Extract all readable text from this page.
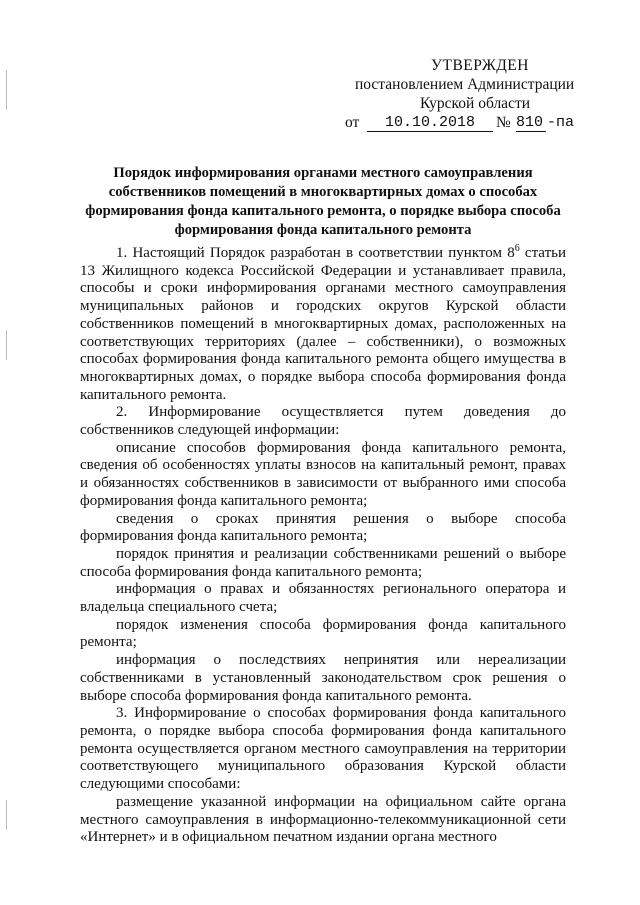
УТВЕРЖДЕН
постановлением Администрации
Курской области
от	10.10.2018	№ 810 -па
Порядок информирования органами местного самоуправления собственников помещений в многоквартирных домах о способах формирования фонда капитального ремонта, о порядке выбора способа формирования фонда капитального ремонта

1. Настоящий Порядок разработан в соответствии пунктом $8^6$ статьи 13 Жилищного кодекса Российской Федерации и устанавливает правила, способы и сроки информирования органами местного самоуправления муниципальных районов и городских округов Курской области собственников помещений в многоквартирных домах, расположенных на соответствующих территориях (далее – собственники), о возможных способах формирования фонда капитального ремонта общего имущества в многоквартирных домах, о порядке выбора способа формирования фонда капитального ремонта.

2. Информирование осуществляется путем доведения до собственников следующей информации:

описание способов формирования фонда капитального ремонта, сведения об особенностях уплаты взносов на капитальный ремонт, правах и обязанностях собственников в зависимости от выбранного ими способа формирования фонда капитального ремонта;

сведения о сроках принятия решения о выборе способа формирования фонда капитального ремонта;

порядок принятия и реализации собственниками решений о выборе способа формирования фонда капитального ремонта;

информация о правах и обязанностях регионального оператора и владельца специального счета;

порядок изменения способа формирования фонда капитального ремонта;

информация о последствиях непринятия или нереализации собственниками в установленный законодательством срок решения о выборе способа формирования фонда капитального ремонта.

3. Информирование о способах формирования фонда капитального ремонта, о порядке выбора способа формирования фонда капитального ремонта осуществляется органом местного самоуправления на территории соответствующего муниципального образования Курской области следующими способами:

размещение указанной информации на официальном сайте органа местного самоуправления в информационно-телекоммуникационной сети «Интернет» и в официальном печатном издании органа местного
